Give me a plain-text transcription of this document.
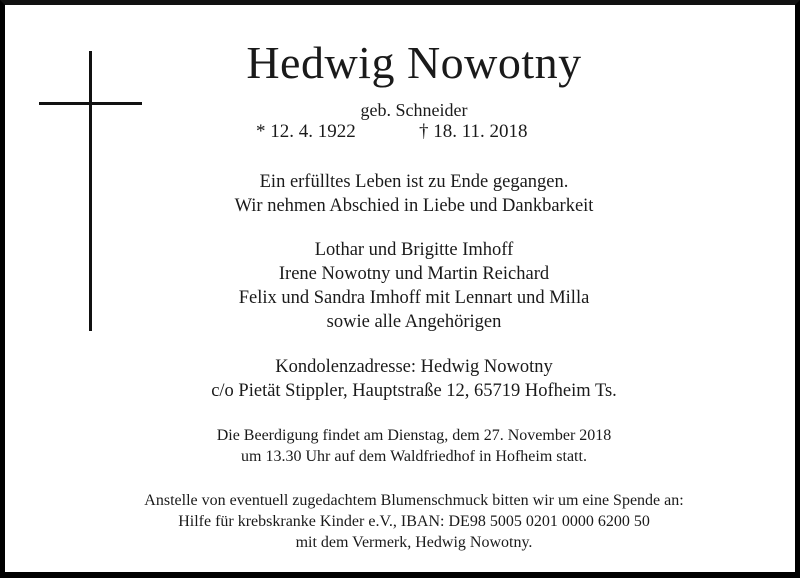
Hedwig Nowotny
geb. Schneider
* 12. 4. 1922	† 18. 11. 2018
Ein erfülltes Leben ist zu Ende gegangen.
Wir nehmen Abschied in Liebe und Dankbarkeit
Lothar und Brigitte Imhoff
Irene Nowotny und Martin Reichard
Felix und Sandra Imhoff mit Lennart und Milla
sowie alle Angehörigen
Kondolenzadresse: Hedwig Nowotny
c/o Pietät Stippler, Hauptstraße 12, 65719 Hofheim Ts.
Die Beerdigung findet am Dienstag, dem 27. November 2018
um 13.30 Uhr auf dem Waldfriedhof in Hofheim statt.
Anstelle von eventuell zugedachtem Blumenschmuck bitten wir um eine Spende an:
Hilfe für krebskranke Kinder e.V., IBAN: DE98 5005 0201 0000 6200 50
mit dem Vermerk, Hedwig Nowotny.
